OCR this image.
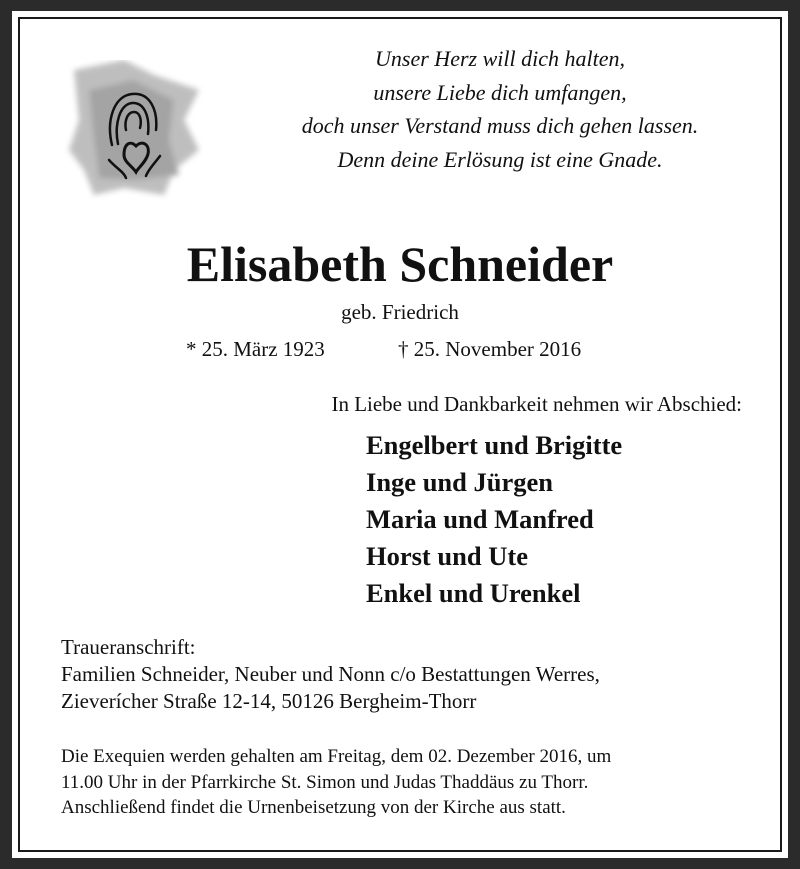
Unser Herz will dich halten,
unsere Liebe dich umfangen,
doch unser Verstand muss dich gehen lassen.
Denn deine Erlösung ist eine Gnade.
Elisabeth Schneider
geb. Friedrich
* 25. März 1923	† 25. November 2016
In Liebe und Dankbarkeit nehmen wir Abschied:
Engelbert und Brigitte
Inge und Jürgen
Maria und Manfred
Horst und Ute
Enkel und Urenkel
Traueranschrift:
Familien Schneider, Neuber und Nonn c/o Bestattungen Werres,
Zieverícher Straße 12-14, 50126 Bergheim-Thorr
Die Exequien werden gehalten am Freitag, dem 02. Dezember 2016, um
11.00 Uhr in der Pfarrkirche St. Simon und Judas Thaddäus zu Thorr.
Anschließend findet die Urnenbeisetzung von der Kirche aus statt.
